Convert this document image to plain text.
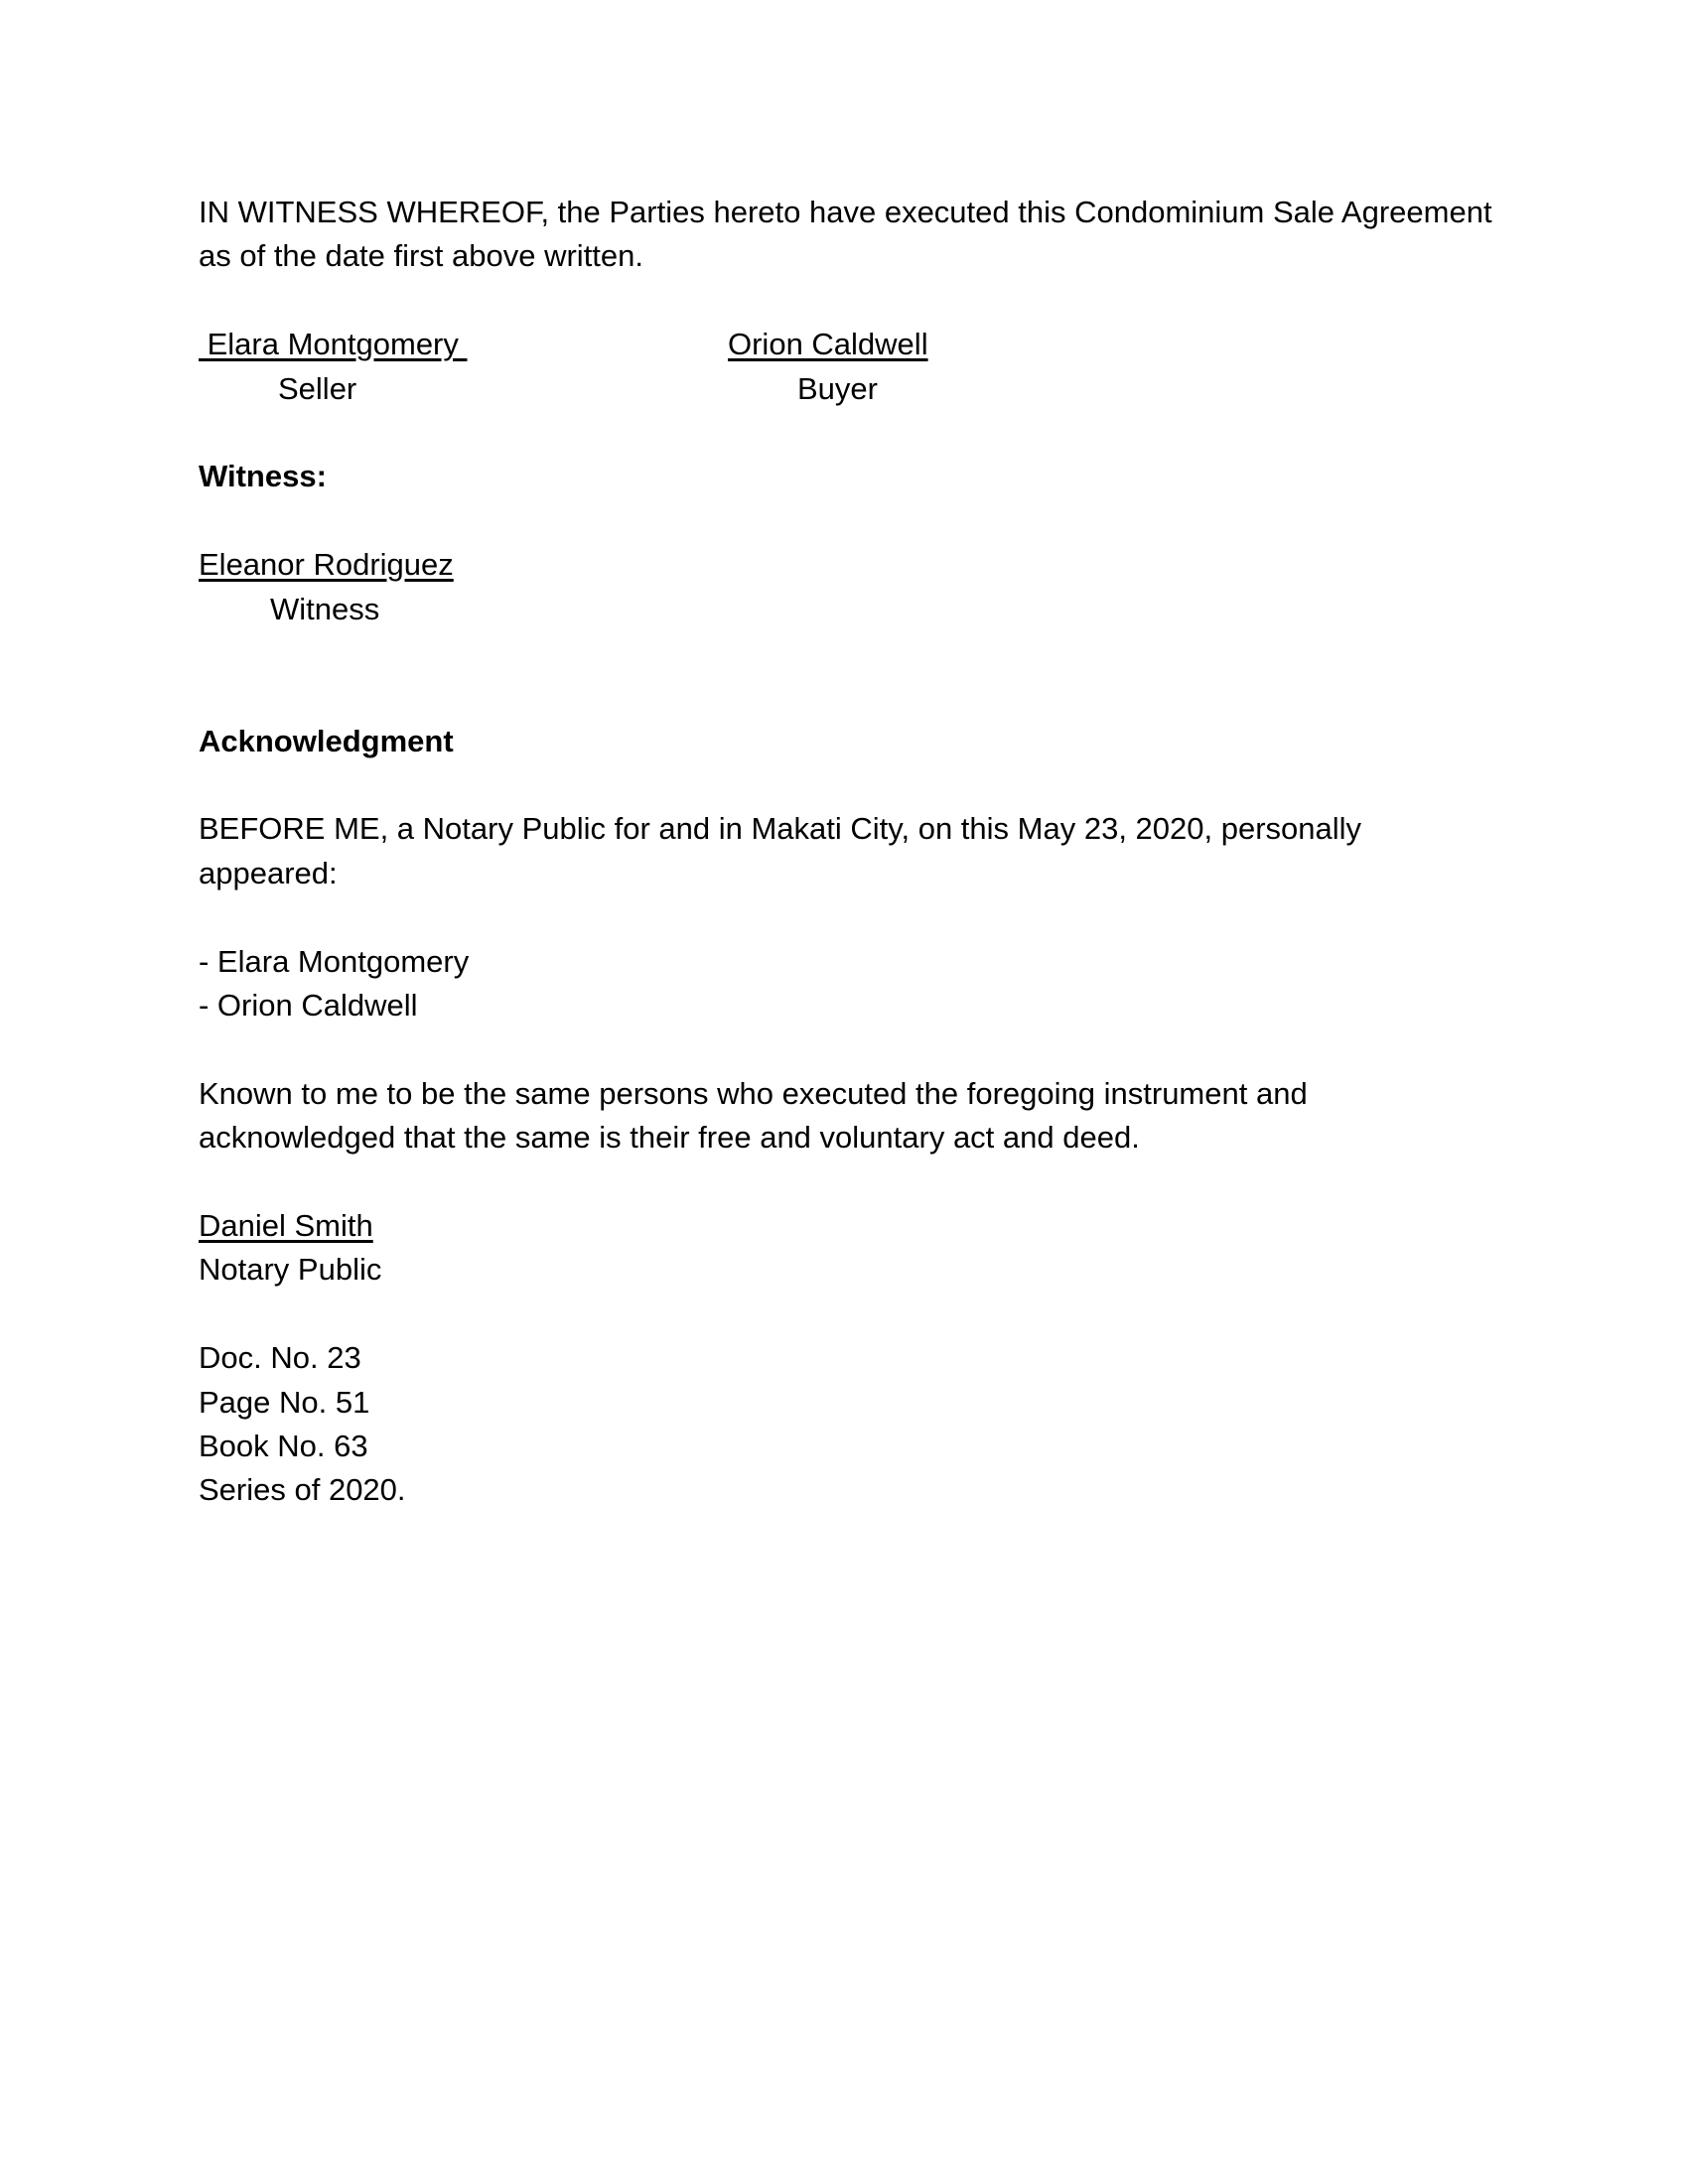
IN WITNESS WHEREOF, the Parties hereto have executed this Condominium Sale Agreement
as of the date first above written.
Elara Montgomery	Orion Caldwell
Seller	Buyer
Witness:
Eleanor Rodriguez
Witness
Acknowledgment
BEFORE ME, a Notary Public for and in Makati City, on this May 23, 2020, personally
appeared:
- Elara Montgomery
- Orion Caldwell
Known to me to be the same persons who executed the foregoing instrument and
acknowledged that the same is their free and voluntary act and deed.
Daniel Smith
Notary Public
Doc. No. 23
Page No. 51
Book No. 63
Series of 2020.
